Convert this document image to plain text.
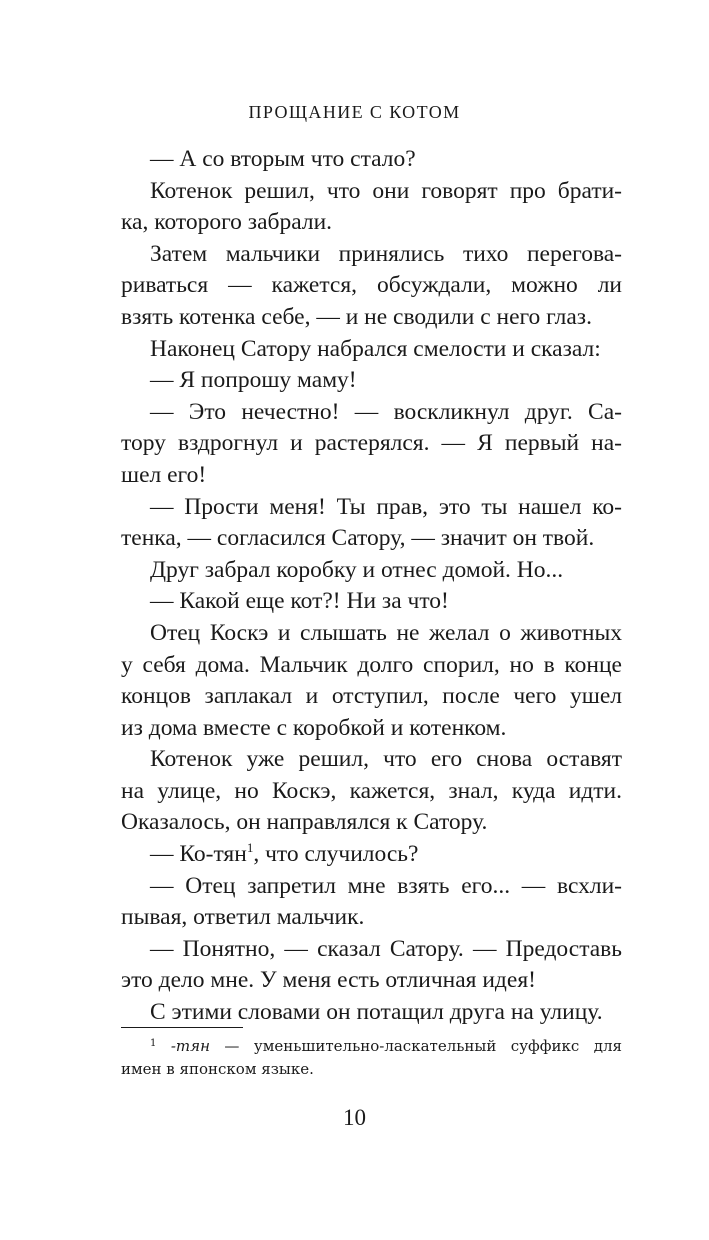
ПРОЩАНИЕ С КОТОМ
— А со вторым что стало?
Котенок решил, что они говорят про брати-
ка, которого забрали.
Затем мальчики принялись тихо перегова-
риваться — кажется, обсуждали, можно ли
взять котенка себе, — и не сводили с него глаз.
Наконец Сатору набрался смелости и сказал:
— Я попрошу маму!
— Это нечестно! — воскликнул друг. Са-
тору вздрогнул и растерялся. — Я первый на-
шел его!
— Прости меня! Ты прав, это ты нашел ко-
тенка, — согласился Сатору, — значит он твой.
Друг забрал коробку и отнес домой. Но...
— Какой еще кот?! Ни за что!
Отец Коскэ и слышать не желал о животных
у себя дома. Мальчик долго спорил, но в конце
концов заплакал и отступил, после чего ушел
из дома вместе с коробкой и котенком.
Котенок уже решил, что его снова оставят
на улице, но Коскэ, кажется, знал, куда идти.
Оказалось, он направлялся к Сатору.
— Ко-тян$^1$, что случилось?
— Отец запретил мне взять его... — всхли-
пывая, ответил мальчик.
— Понятно, — сказал Сатору. — Предоставь
это дело мне. У меня есть отличная идея!
С этими словами он потащил друга на улицу.
$^1$ -тян — уменьшительно-ласкательный суффикс для
имен в японском языке.
10
